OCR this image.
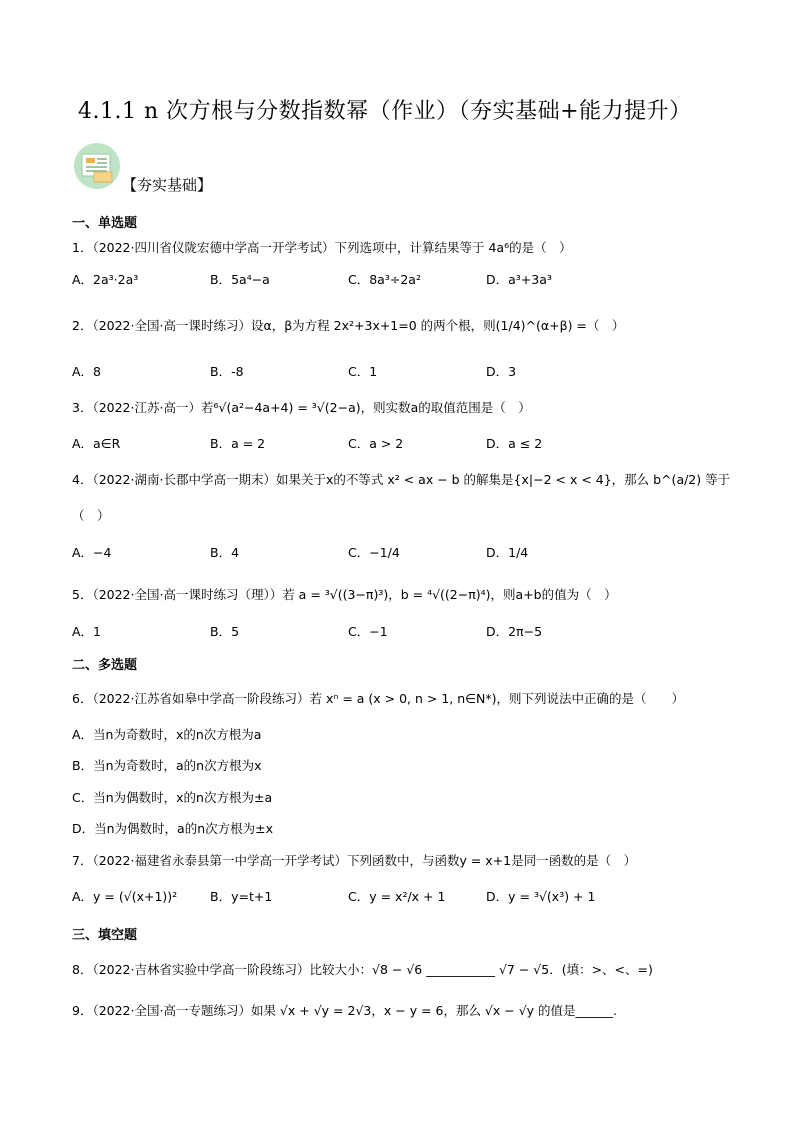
4.1.1 n 次方根与分数指数幂（作业）（夯实基础+能力提升）
【夯实基础】
一、单选题
1．（2022·四川省仪陇宏德中学高一开学考试）下列选项中，计算结果等于 4a⁶的是（　）
A．2a³·2a³	B．5a⁴−a	C．8a³÷2a²	D．a³+3a³
2．（2022·全国·高一课时练习）设α，β为方程 2x²+3x+1=0 的两个根，则(1/4)^(α+β) =（　）
A．8	B．-8	C．1	D．3
3．（2022·江苏·高一）若⁶√(a²−4a+4) = ³√(2−a)，则实数a的取值范围是（　）
A．a∈R	B．a = 2	C．a > 2	D．a ≤ 2
4．（2022·湖南·长郡中学高一期末）如果关于x的不等式 x² < ax − b 的解集是{x|−2 < x < 4}，那么 b^(a/2) 等于
（　）
A．−4	B．4	C．−1/4	D．1/4
5．（2022·全国·高一课时练习（理））若 a = ³√((3−π)³)，b = ⁴√((2−π)⁴)，则a+b的值为（　）
A．1	B．5	C．−1	D．2π−5
二、多选题
6．（2022·江苏省如皋中学高一阶段练习）若 xⁿ = a (x > 0, n > 1, n∈N*)，则下列说法中正确的是（　　）
A．当n为奇数时，x的n次方根为a
B．当n为奇数时，a的n次方根为x
C．当n为偶数时，x的n次方根为±a
D．当n为偶数时，a的n次方根为±x
7．（2022·福建省永泰县第一中学高一开学考试）下列函数中，与函数y = x+1是同一函数的是（　）
A．y = (√(x+1))²	B．y=t+1	C．y = x²/x + 1	D．y = ³√(x³) + 1
三、填空题
8．（2022·吉林省实验中学高一阶段练习）比较大小：√8 − √6 ___________ √7 − √5．(填：>、<、=)
9．（2022·全国·高一专题练习）如果 √x + √y = 2√3，x − y = 6，那么 √x − √y 的值是______.
